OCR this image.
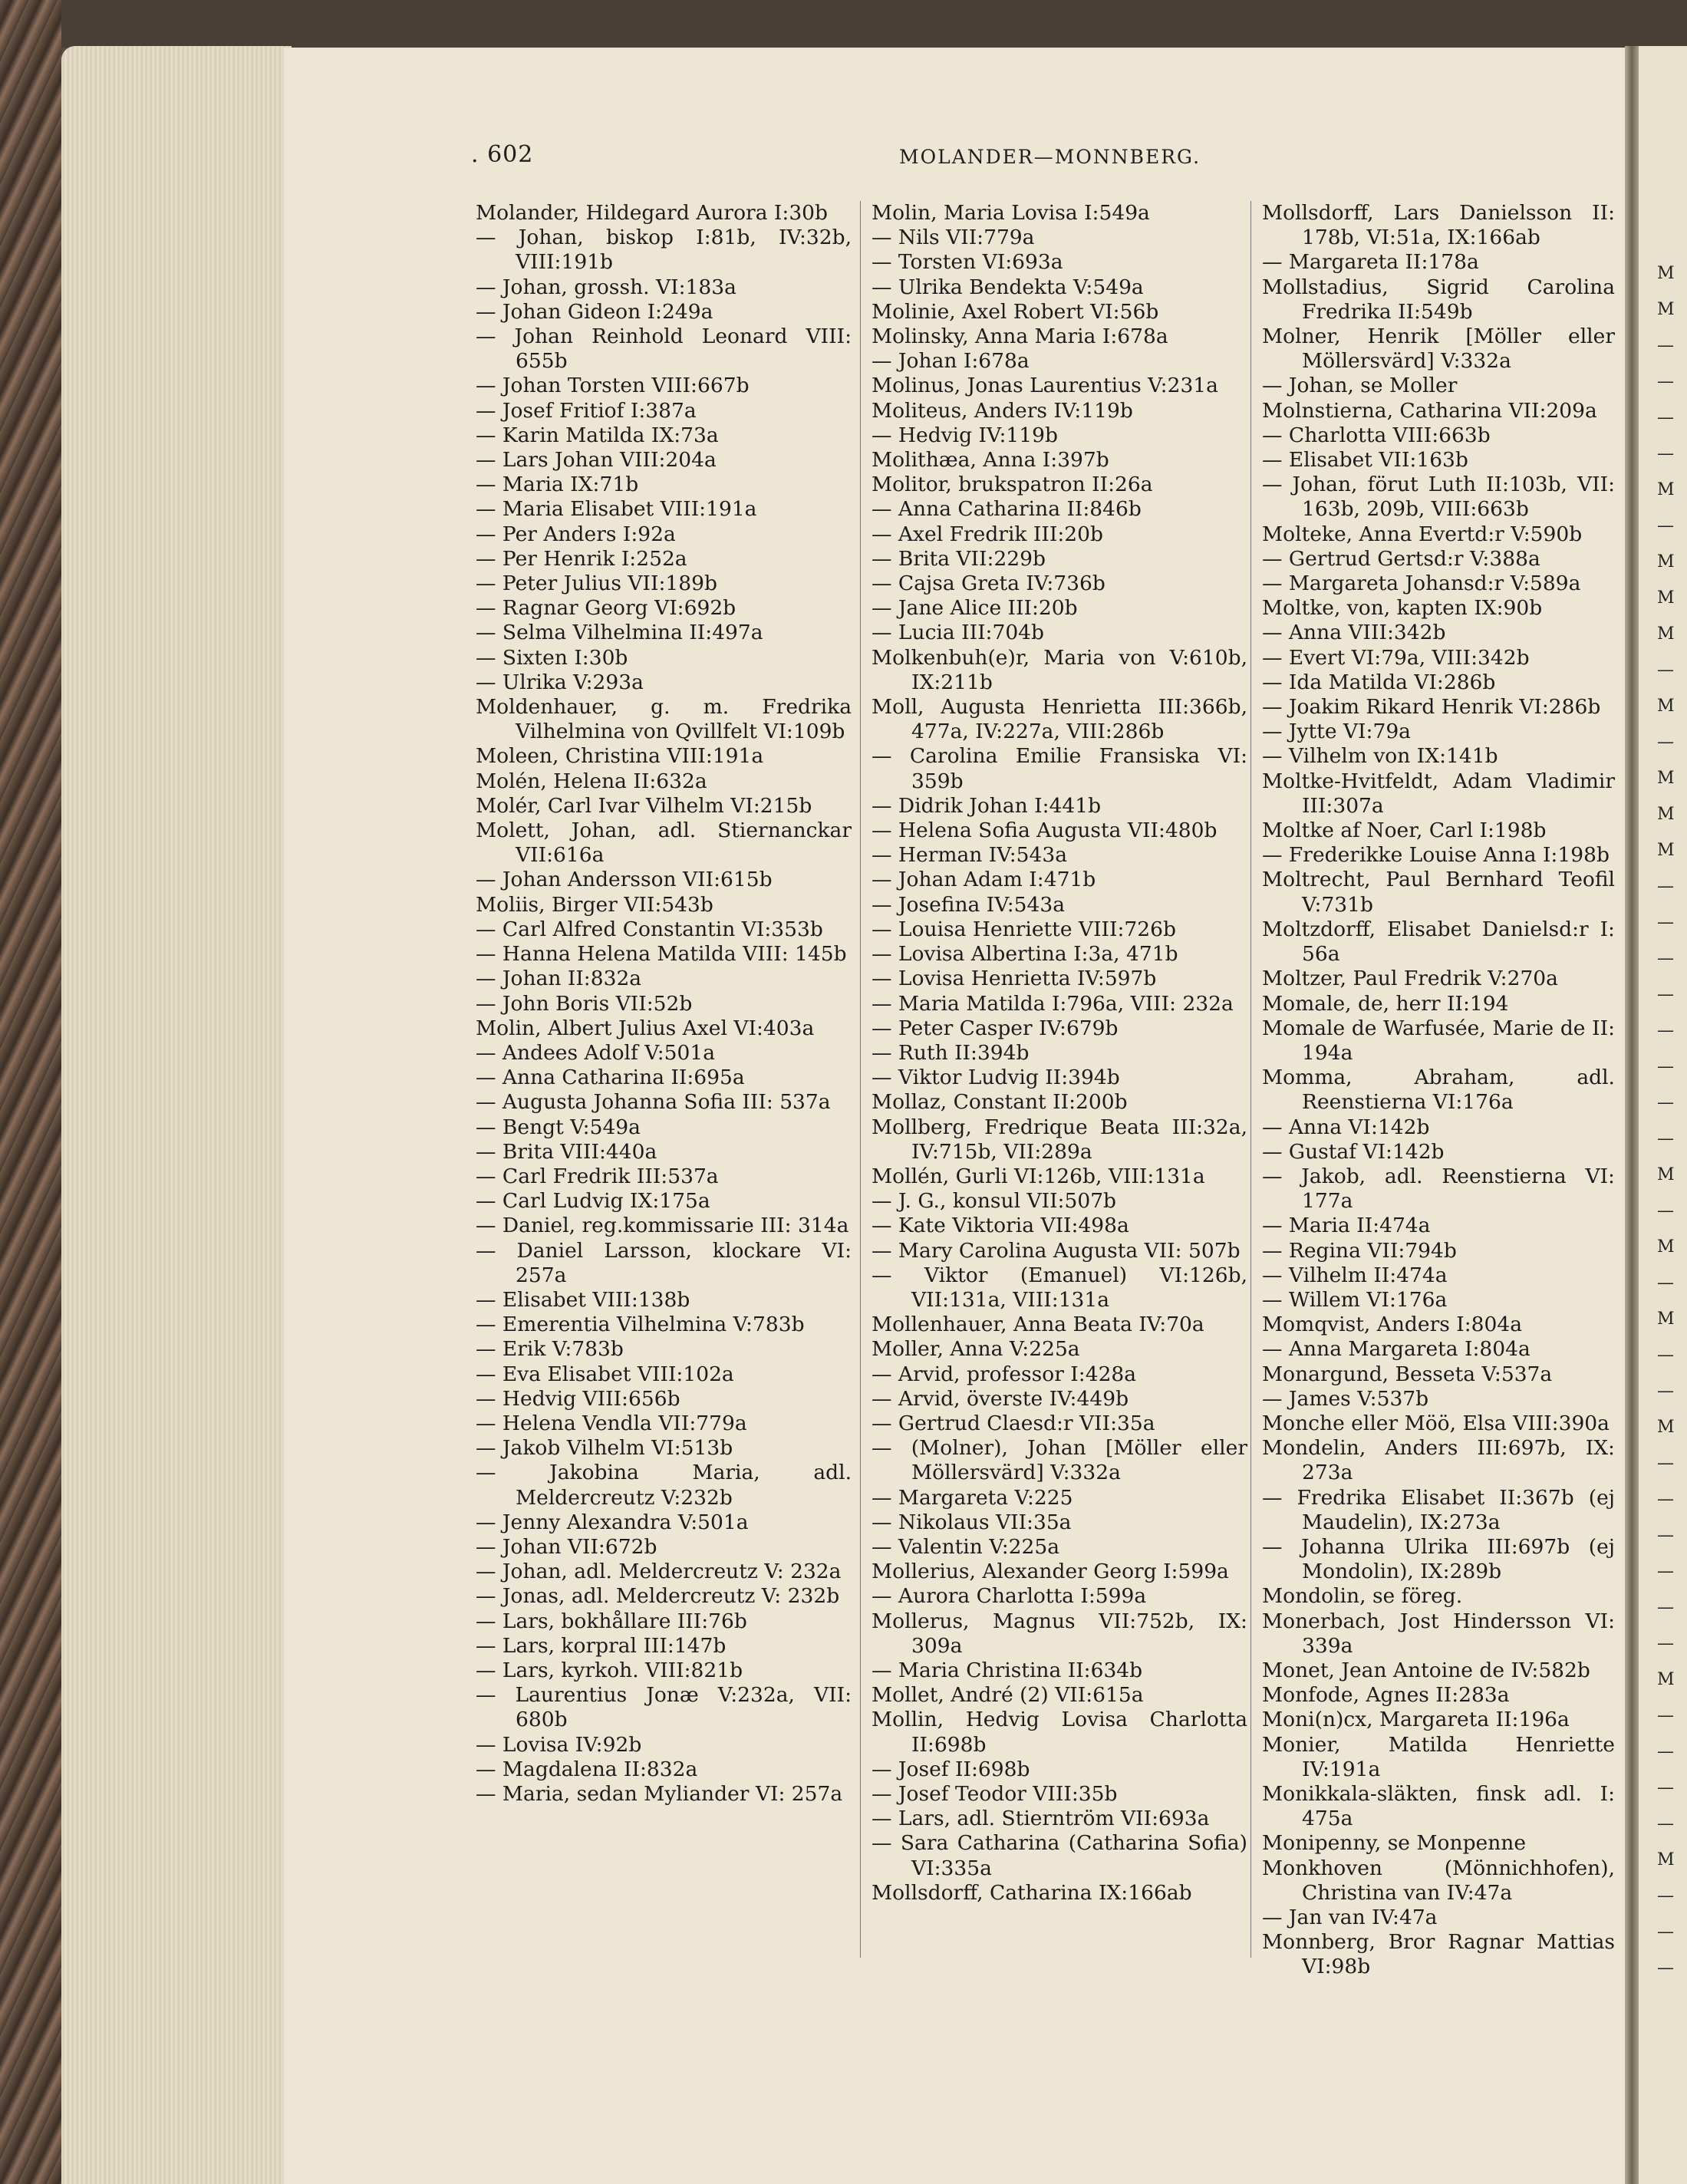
. 602	MOLANDER—MONNBERG.
Molander, Hildegard Aurora I:30b
— Johan, biskop I:81b, IV:32b, VIII:191b
— Johan, grossh. VI:183a
— Johan Gideon I:249a
— Johan Reinhold Leonard VIII: 655b
— Johan Torsten VIII:667b
— Josef Fritiof I:387a
— Karin Matilda IX:73a
— Lars Johan VIII:204a
— Maria IX:71b
— Maria Elisabet VIII:191a
— Per Anders I:92a
— Per Henrik I:252a
— Peter Julius VII:189b
— Ragnar Georg VI:692b
— Selma Vilhelmina II:497a
— Sixten I:30b
— Ulrika V:293a
Moldenhauer, g. m. Fredrika Vilhelmina von Qvillfelt VI:109b
Moleen, Christina VIII:191a
Molén, Helena II:632a
Molér, Carl Ivar Vilhelm VI:215b
Molett, Johan, adl. Stiernanckar VII:616a
— Johan Andersson VII:615b
Moliis, Birger VII:543b
— Carl Alfred Constantin VI:353b
— Hanna Helena Matilda VIII: 145b
— Johan II:832a
— John Boris VII:52b
Molin, Albert Julius Axel VI:403a
— Andees Adolf V:501a
— Anna Catharina II:695a
— Augusta Johanna Sofia III: 537a
— Bengt V:549a
— Brita VIII:440a
— Carl Fredrik III:537a
— Carl Ludvig IX:175a
— Daniel, reg.kommissarie III: 314a
— Daniel Larsson, klockare VI: 257a
— Elisabet VIII:138b
— Emerentia Vilhelmina V:783b
— Erik V:783b
— Eva Elisabet VIII:102a
— Hedvig VIII:656b
— Helena Vendla VII:779a
— Jakob Vilhelm VI:513b
— Jakobina Maria, adl. Meldercreutz V:232b
— Jenny Alexandra V:501a
— Johan VII:672b
— Johan, adl. Meldercreutz V: 232a
— Jonas, adl. Meldercreutz V: 232b
— Lars, bokhållare III:76b
— Lars, korpral III:147b
— Lars, kyrkoh. VIII:821b
— Laurentius Jonæ V:232a, VII: 680b
— Lovisa IV:92b
— Magdalena II:832a
— Maria, sedan Myliander VI: 257a
Molin, Maria Lovisa I:549a
— Nils VII:779a
— Torsten VI:693a
— Ulrika Bendekta V:549a
Molinie, Axel Robert VI:56b
Molinsky, Anna Maria I:678a
— Johan I:678a
Molinus, Jonas Laurentius V:231a
Moliteus, Anders IV:119b
— Hedvig IV:119b
Molithæa, Anna I:397b
Molitor, brukspatron II:26a
— Anna Catharina II:846b
— Axel Fredrik III:20b
— Brita VII:229b
— Cajsa Greta IV:736b
— Jane Alice III:20b
— Lucia III:704b
Molkenbuh(e)r, Maria von V:610b, IX:211b
Moll, Augusta Henrietta III:366b, 477a, IV:227a, VIII:286b
— Carolina Emilie Fransiska VI: 359b
— Didrik Johan I:441b
— Helena Sofia Augusta VII:480b
— Herman IV:543a
— Johan Adam I:471b
— Josefina IV:543a
— Louisa Henriette VIII:726b
— Lovisa Albertina I:3a, 471b
— Lovisa Henrietta IV:597b
— Maria Matilda I:796a, VIII: 232a
— Peter Casper IV:679b
— Ruth II:394b
— Viktor Ludvig II:394b
Mollaz, Constant II:200b
Mollberg, Fredrique Beata III:32a, IV:715b, VII:289a
Mollén, Gurli VI:126b, VIII:131a
— J. G., konsul VII:507b
— Kate Viktoria VII:498a
— Mary Carolina Augusta VII: 507b
— Viktor (Emanuel) VI:126b, VII:131a, VIII:131a
Mollenhauer, Anna Beata IV:70a
Moller, Anna V:225a
— Arvid, professor I:428a
— Arvid, överste IV:449b
— Gertrud Claesd:r VII:35a
— (Molner), Johan [Möller eller Möllersvärd] V:332a
— Margareta V:225
— Nikolaus VII:35a
— Valentin V:225a
Mollerius, Alexander Georg I:599a
— Aurora Charlotta I:599a
Mollerus, Magnus VII:752b, IX: 309a
— Maria Christina II:634b
Mollet, André (2) VII:615a
Mollin, Hedvig Lovisa Charlotta II:698b
— Josef II:698b
— Josef Teodor VIII:35b
— Lars, adl. Stierntröm VII:693a
— Sara Catharina (Catharina Sofia) VI:335a
Mollsdorff, Catharina IX:166ab
Mollsdorff, Lars Danielsson II: 178b, VI:51a, IX:166ab
— Margareta II:178a
Mollstadius, Sigrid Carolina Fredrika II:549b
Molner, Henrik [Möller eller Möllersvärd] V:332a
— Johan, se Moller
Molnstierna, Catharina VII:209a
— Charlotta VIII:663b
— Elisabet VII:163b
— Johan, förut Luth II:103b, VII: 163b, 209b, VIII:663b
Molteke, Anna Evertd:r V:590b
— Gertrud Gertsd:r V:388a
— Margareta Johansd:r V:589a
Moltke, von, kapten IX:90b
— Anna VIII:342b
— Evert VI:79a, VIII:342b
— Ida Matilda VI:286b
— Joakim Rikard Henrik VI:286b
— Jytte VI:79a
— Vilhelm von IX:141b
Moltke-Hvitfeldt, Adam Vladimir III:307a
Moltke af Noer, Carl I:198b
— Frederikke Louise Anna I:198b
Moltrecht, Paul Bernhard Teofil V:731b
Moltzdorff, Elisabet Danielsd:r I: 56a
Moltzer, Paul Fredrik V:270a
Momale, de, herr II:194
Momale de Warfusée, Marie de II: 194a
Momma, Abraham, adl. Reenstierna VI:176a
— Anna VI:142b
— Gustaf VI:142b
— Jakob, adl. Reenstierna VI: 177a
— Maria II:474a
— Regina VII:794b
— Vilhelm II:474a
— Willem VI:176a
Momqvist, Anders I:804a
— Anna Margareta I:804a
Monargund, Besseta V:537a
— James V:537b
Monche eller Möö, Elsa VIII:390a
Mondelin, Anders III:697b, IX: 273a
— Fredrika Elisabet II:367b (ej Maudelin), IX:273a
— Johanna Ulrika III:697b (ej Mondolin), IX:289b
Mondolin, se föreg.
Monerbach, Jost Hindersson VI: 339a
Monet, Jean Antoine de IV:582b
Monfode, Agnes II:283a
Moni(n)cx, Margareta II:196a
Monier, Matilda Henriette IV:191a
Monikkala-släkten, finsk adl. I: 475a
Monipenny, se Monpenne
Monkhoven (Mönnichhofen), Christina van IV:47a
— Jan van IV:47a
Monnberg, Bror Ragnar Mattias VI:98b
M
M
—
—
—
—
M
—
M
M
M
—
M
—
M
M
M
—
—
—
—
—
—
—
—
M
—
M
—
M
—
—
M
—
—
—
—
—
—
M
—
—
—
—
M
—
—
—
